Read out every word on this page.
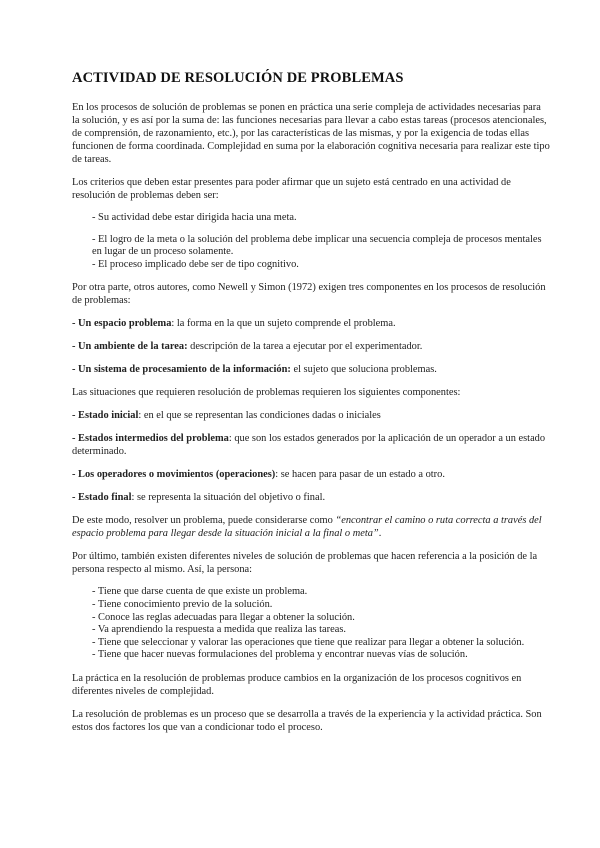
ACTIVIDAD DE RESOLUCIÓN DE PROBLEMAS

En los procesos de solución de problemas se ponen en práctica una serie compleja de actividades necesarias para la solución, y es así por la suma de: las funciones necesarias para llevar a cabo estas tareas (procesos atencionales, de comprensión, de razonamiento, etc.), por las características de las mismas, y por la exigencia de todas ellas funcionen de forma coordinada. Complejidad en suma por la elaboración cognitiva necesaria para realizar este tipo de tareas.

Los criterios que deben estar presentes para poder afirmar que un sujeto está centrado en una actividad de resolución de problemas deben ser:

- Su actividad debe estar dirigida hacia una meta.
- El logro de la meta o la solución del problema debe implicar una secuencia compleja de procesos mentales en lugar de un proceso solamente.
- El proceso implicado debe ser de tipo cognitivo.

Por otra parte, otros autores, como Newell y Simon (1972) exigen tres componentes en los procesos de resolución de problemas:

- Un espacio problema: la forma en la que un sujeto comprende el problema.

- Un ambiente de la tarea: descripción de la tarea a ejecutar por el experimentador.

- Un sistema de procesamiento de la información: el sujeto que soluciona problemas.

Las situaciones que requieren resolución de problemas requieren los siguientes componentes:

- Estado inicial: en el que se representan las condiciones dadas o iniciales

- Estados intermedios del problema: que son los estados generados por la aplicación de un operador a un estado determinado.

- Los operadores o movimientos (operaciones): se hacen para pasar de un estado a otro.

- Estado final: se representa la situación del objetivo o final.

De este modo, resolver un problema, puede considerarse como “encontrar el camino o ruta correcta a través del espacio problema para llegar desde la situación inicial a la final o meta”.

Por último, también existen diferentes niveles de solución de problemas que hacen referencia a la posición de la persona respecto al mismo. Así, la persona:

- Tiene que darse cuenta de que existe un problema.
- Tiene conocimiento previo de la solución.
- Conoce las reglas adecuadas para llegar a obtener la solución.
- Va aprendiendo la respuesta a medida que realiza las tareas.
- Tiene que seleccionar y valorar las operaciones que tiene que realizar para llegar a obtener la solución.
- Tiene que hacer nuevas formulaciones del problema y encontrar nuevas vías de solución.

La práctica en la resolución de problemas produce cambios en la organización de los procesos cognitivos en diferentes niveles de complejidad.

La resolución de problemas es un proceso que se desarrolla a través de la experiencia y la actividad práctica. Son estos dos factores los que van a condicionar todo el proceso.
